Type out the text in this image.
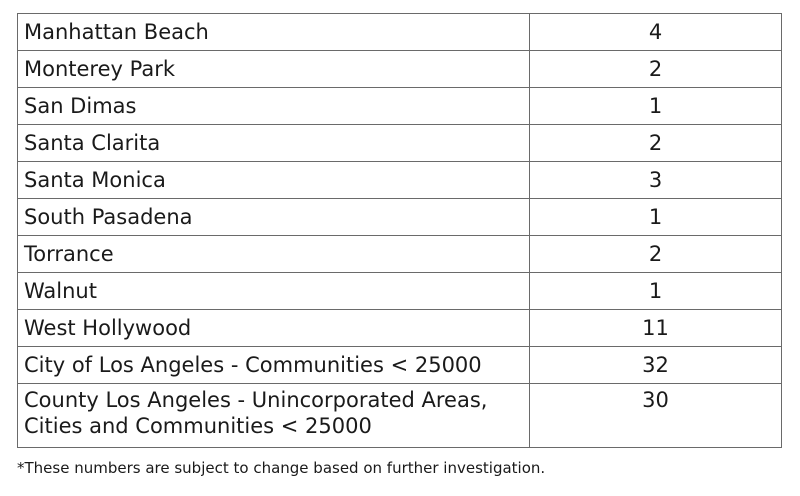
Manhattan Beach	4
Monterey Park	2
San Dimas	1
Santa Clarita	2
Santa Monica	3
South Pasadena	1
Torrance	2
Walnut	1
West Hollywood	11
City of Los Angeles - Communities < 25000	32
County Los Angeles - Unincorporated Areas, Cities and Communities < 25000	30
*These numbers are subject to change based on further investigation.
